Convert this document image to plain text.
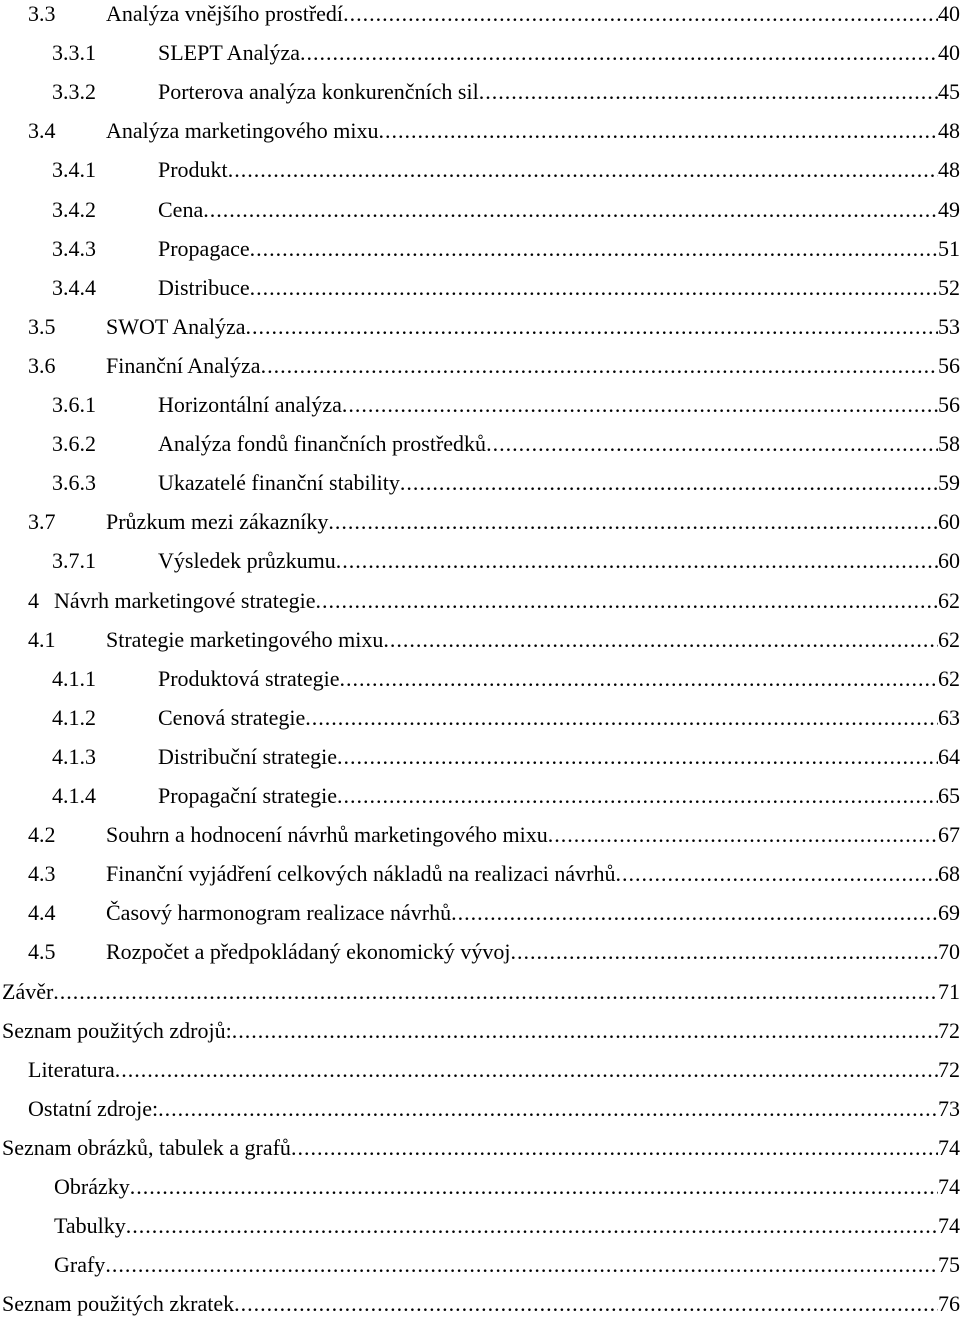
3.3	Analýza vnějšího prostředí .....	40
3.3.1	SLEPT Analýza .....	40
3.3.2	Porterova analýza konkurenčních sil .....	45
3.4	Analýza marketingového mixu .....	48
3.4.1	Produkt .....	48
3.4.2	Cena .....	49
3.4.3	Propagace .....	51
3.4.4	Distribuce .....	52
3.5	SWOT Analýza .....	53
3.6	Finanční Analýza .....	56
3.6.1	Horizontální analýza .....	56
3.6.2	Analýza fondů finančních prostředků .....	58
3.6.3	Ukazatelé finanční stability .....	59
3.7	Průzkum mezi zákazníky .....	60
3.7.1	Výsledek průzkumu .....	60
4 Návrh marketingové strategie .....	62
4.1	Strategie marketingového mixu .....	62
4.1.1	Produktová strategie .....	62
4.1.2	Cenová strategie .....	63
4.1.3	Distribuční strategie .....	64
4.1.4	Propagační strategie .....	65
4.2	Souhrn a hodnocení návrhů marketingového mixu .....	67
4.3	Finanční vyjádření celkových nákladů na realizaci návrhů .....	68
4.4	Časový harmonogram realizace návrhů .....	69
4.5	Rozpočet a předpokládaný ekonomický vývoj .....	70
Závěr .....	71
Seznam použitých zdrojů: .....	72
Literatura .....	72
Ostatní zdroje: .....	73
Seznam obrázků, tabulek a grafů .....	74
Obrázky .....	74
Tabulky .....	74
Grafy .....	75
Seznam použitých zkratek .....	76
